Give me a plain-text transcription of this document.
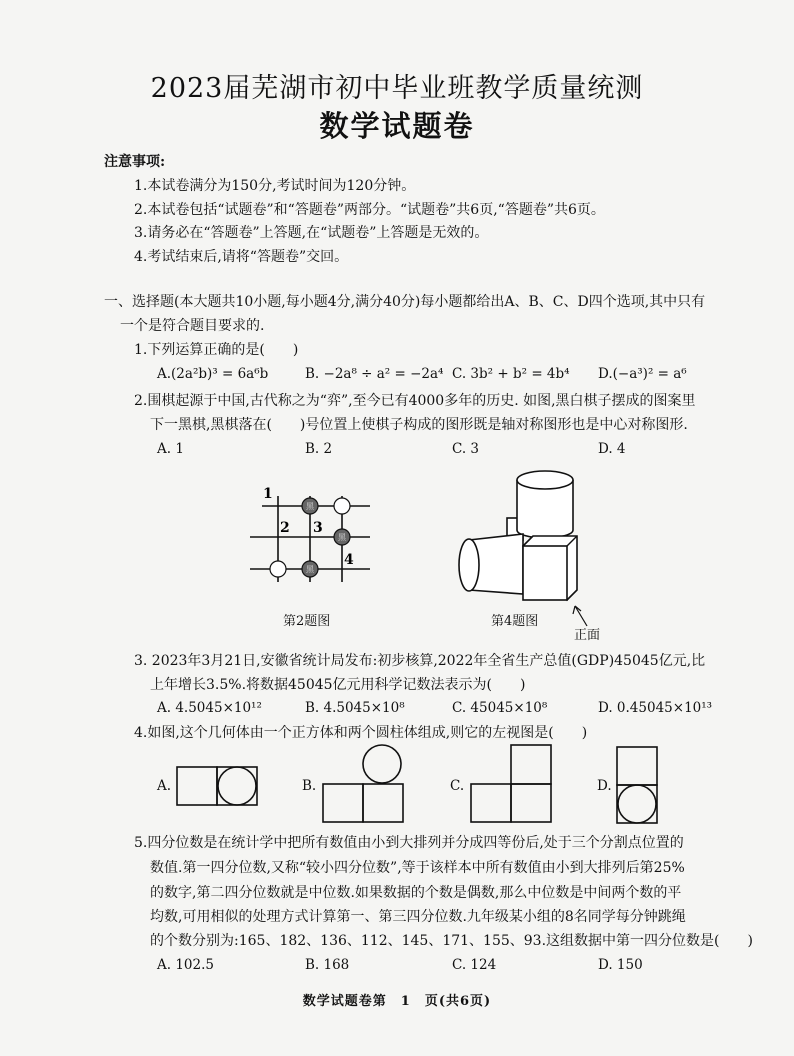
2023届芜湖市初中毕业班教学质量统测
数学试题卷
注意事项:
1.本试卷满分为150分,考试时间为120分钟。
2.本试卷包括“试题卷”和“答题卷”两部分。“试题卷”共6页,“答题卷”共6页。
3.请务必在“答题卷”上答题,在“试题卷”上答题是无效的。
4.考试结束后,请将“答题卷”交回。
一、选择题(本大题共10小题,每小题4分,满分40分)每小题都给出A、B、C、D四个选项,其中只有
一个是符合题目要求的.
1.下列运算正确的是(　　)
A.(2a²b)³ = 6a⁶b	B. −2a⁸ ÷ a² = −2a⁴ C. 3b² + b² = 4b⁴ D.(−a³)² = a⁶
2.围棋起源于中国,古代称之为“弈”,至今已有4000多年的历史. 如图,黑白棋子摆成的图案里
下一黑棋,黑棋落在(　　)号位置上使棋子构成的图形既是轴对称图形也是中心对称图形.
A. 1	B. 2	C. 3	D. 4
1
2 3
4
黑
黑
黑
第2题图	第4题图
正面
3. 2023年3月21日,安徽省统计局发布:初步核算,2022年全省生产总值(GDP)45045亿元,比
上年增长3.5%.将数据45045亿元用科学记数法表示为(　　)
A. 4.5045×10¹²	B. 4.5045×10⁸	C. 45045×10⁸	D. 0.45045×10¹³
4.如图,这个几何体由一个正方体和两个圆柱体组成,则它的左视图是(　　)
A.	B.	C.	D.
5.四分位数是在统计学中把所有数值由小到大排列并分成四等份后,处于三个分割点位置的
数值.第一四分位数,又称“较小四分位数”,等于该样本中所有数值由小到大排列后第25%
的数字,第二四分位数就是中位数.如果数据的个数是偶数,那么中位数是中间两个数的平
均数,可用相似的处理方式计算第一、第三四分位数.九年级某小组的8名同学每分钟跳绳
的个数分别为:165、182、136、112、145、171、155、93.这组数据中第一四分位数是(　　)
A. 102.5	B. 168	C. 124	D. 150
数学试题卷第　1　页(共6页)
